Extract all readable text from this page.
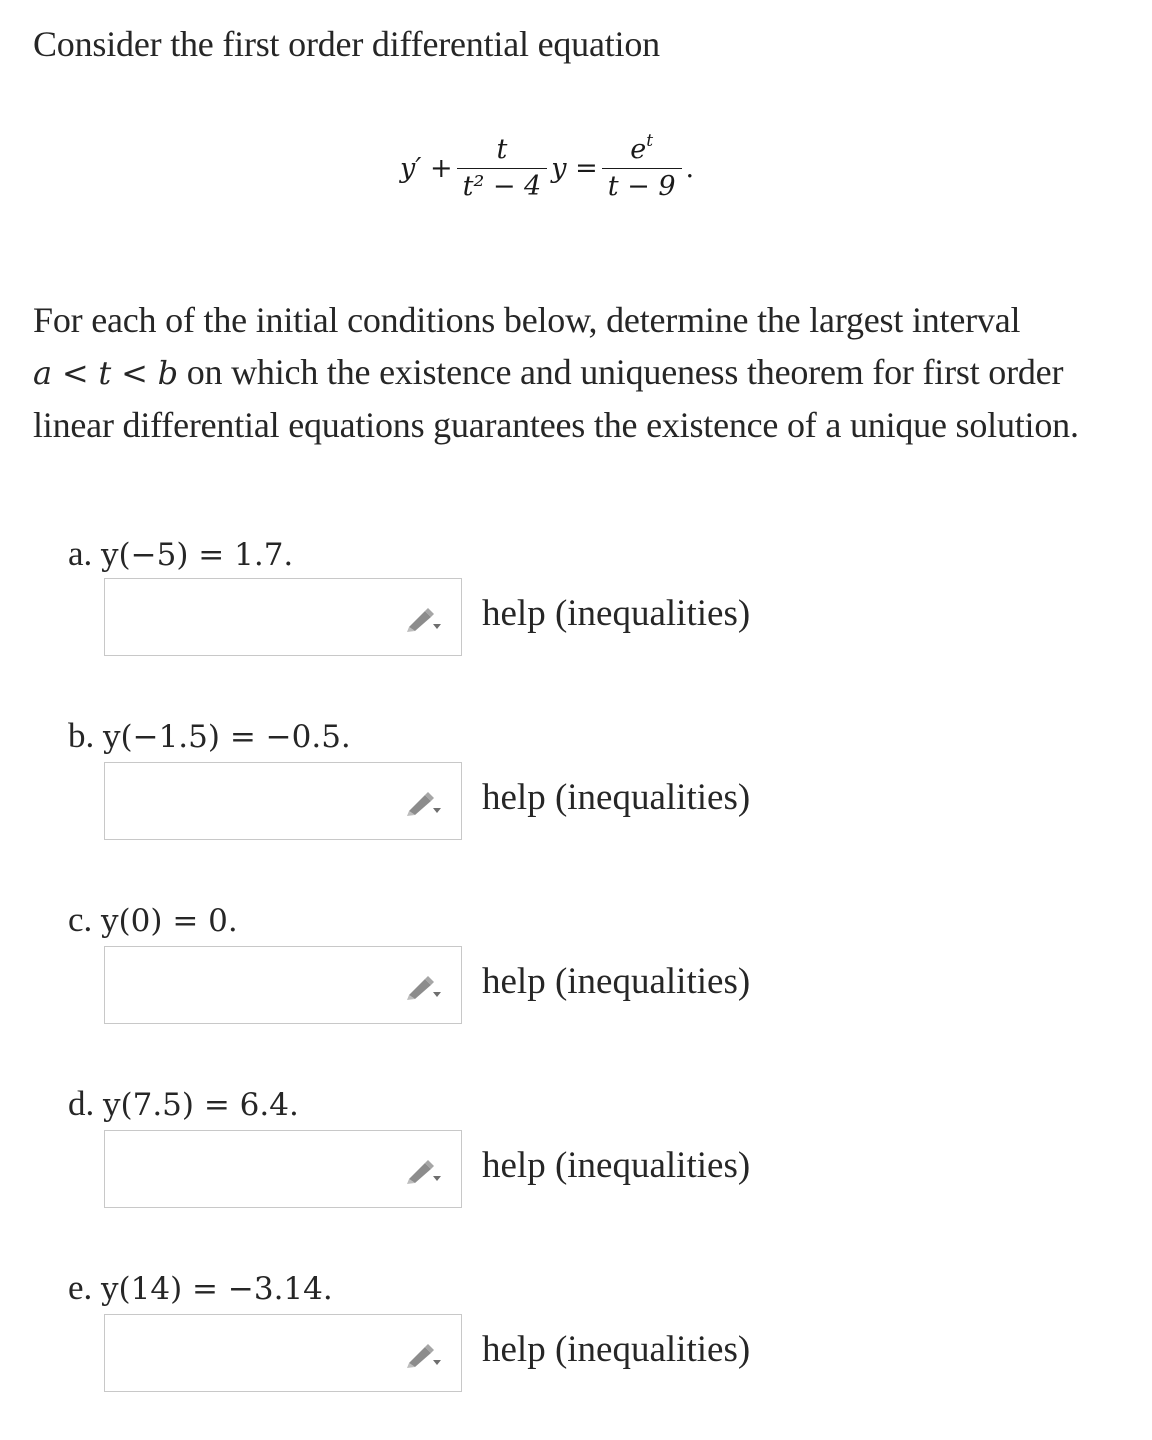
Consider the first order differential equation

$y' + \frac{t}{\text{t² − 4}}$ $y = \frac{e^t}{t - 9}$ .

For each of the initial conditions below, determine the largest interval
a < t < b on which the existence and uniqueness theorem for first order
linear differential equations guarantees the existence of a unique solution.

a. y(−5) = 1.7.
help (inequalities)
b. y(−1.5) = −0.5.
help (inequalities)
c. y(0) = 0.
help (inequalities)
d. y(7.5) = 6.4.
help (inequalities)
e. y(14) = −3.14.
help (inequalities)
